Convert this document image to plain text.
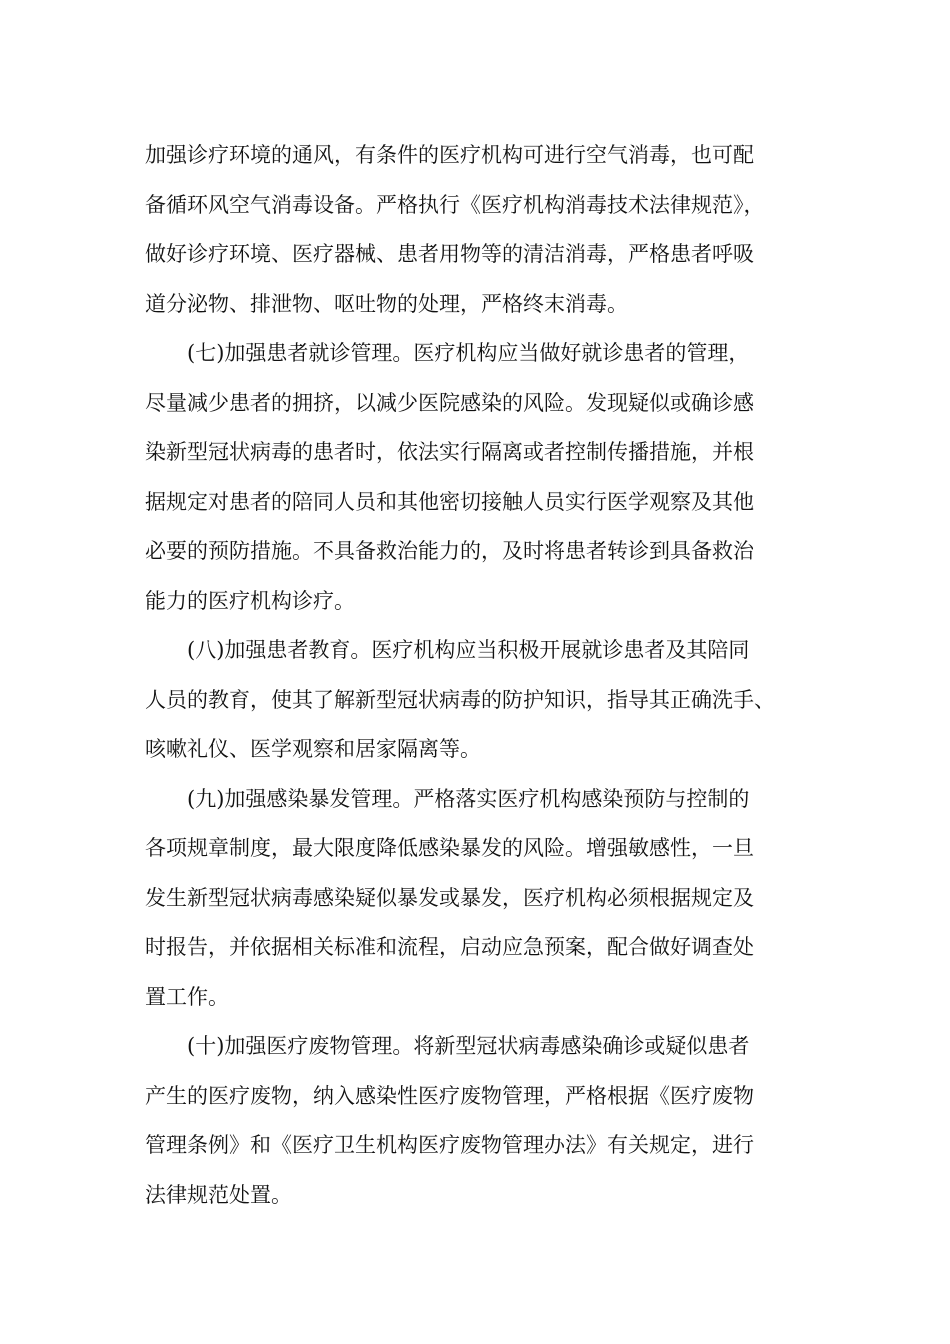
加强诊疗环境的通风，有条件的医疗机构可进行空气消毒，也可配
备循环风空气消毒设备。严格执行《医疗机构消毒技术法律规范》，
做好诊疗环境、医疗器械、患者用物等的清洁消毒，严格患者呼吸
道分泌物、排泄物、呕吐物的处理，严格终末消毒。
　　(七)加强患者就诊管理。医疗机构应当做好就诊患者的管理，
尽量减少患者的拥挤，以减少医院感染的风险。发现疑似或确诊感
染新型冠状病毒的患者时，依法实行隔离或者控制传播措施，并根
据规定对患者的陪同人员和其他密切接触人员实行医学观察及其他
必要的预防措施。不具备救治能力的，及时将患者转诊到具备救治
能力的医疗机构诊疗。
　　(八)加强患者教育。医疗机构应当积极开展就诊患者及其陪同
人员的教育，使其了解新型冠状病毒的防护知识，指导其正确洗手、
咳嗽礼仪、医学观察和居家隔离等。
　　(九)加强感染暴发管理。严格落实医疗机构感染预防与控制的
各项规章制度，最大限度降低感染暴发的风险。增强敏感性，一旦
发生新型冠状病毒感染疑似暴发或暴发，医疗机构必须根据规定及
时报告，并依据相关标准和流程，启动应急预案，配合做好调查处
置工作。
　　(十)加强医疗废物管理。将新型冠状病毒感染确诊或疑似患者
产生的医疗废物，纳入感染性医疗废物管理，严格根据《医疗废物
管理条例》和《医疗卫生机构医疗废物管理办法》有关规定，进行
法律规范处置。
